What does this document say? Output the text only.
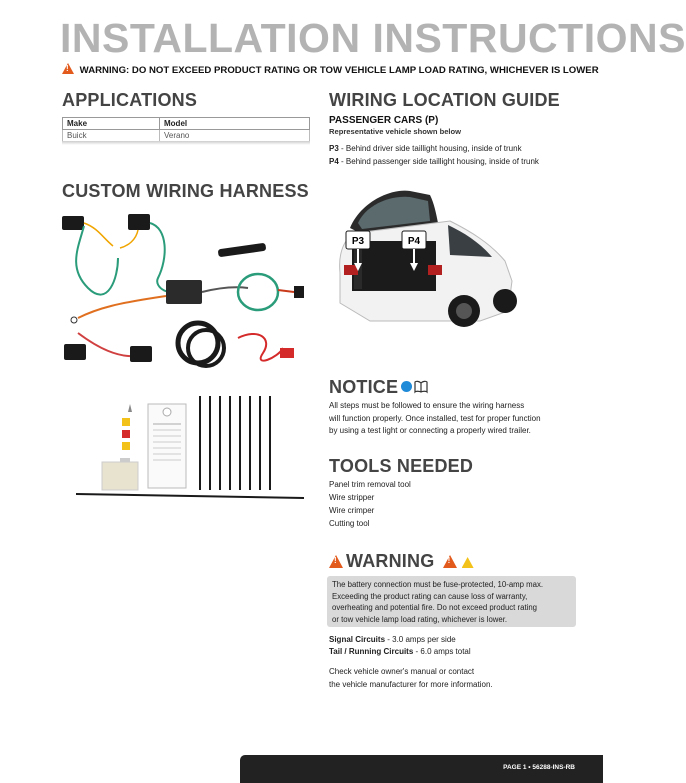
INSTALLATION INSTRUCTIONS
! WARNING: DO NOT EXCEED PRODUCT RATING OR TOW VEHICLE LAMP LOAD RATING, WHICHEVER IS LOWER
APPLICATIONS
Make	Model
Buick	Verano
CUSTOM WIRING HARNESS
WIRING LOCATION GUIDE
PASSENGER CARS (P)
Representative vehicle shown below
P3 - Behind driver side taillight housing, inside of trunk
P4 - Behind passenger side taillight housing, inside of trunk
P3	P4
NOTICE
All steps must be followed to ensure the wiring harness
will function properly. Once installed, test for proper function
by using a test light or connecting a properly wired trailer.
TOOLS NEEDED
Panel trim removal tool
Wire stripper
Wire crimper
Cutting tool
!WARNING !
The battery connection must be fuse-protected, 10-amp max.
Exceeding the product rating can cause loss of warranty,
overheating and potential fire. Do not exceed product rating
or tow vehicle lamp load rating, whichever is lower.
Signal Circuits - 3.0 amps per side
Tail / Running Circuits - 6.0 amps total
Check vehicle owner's manual or contact
the vehicle manufacturer for more information.
PAGE 1 • 56288-INS-RB
